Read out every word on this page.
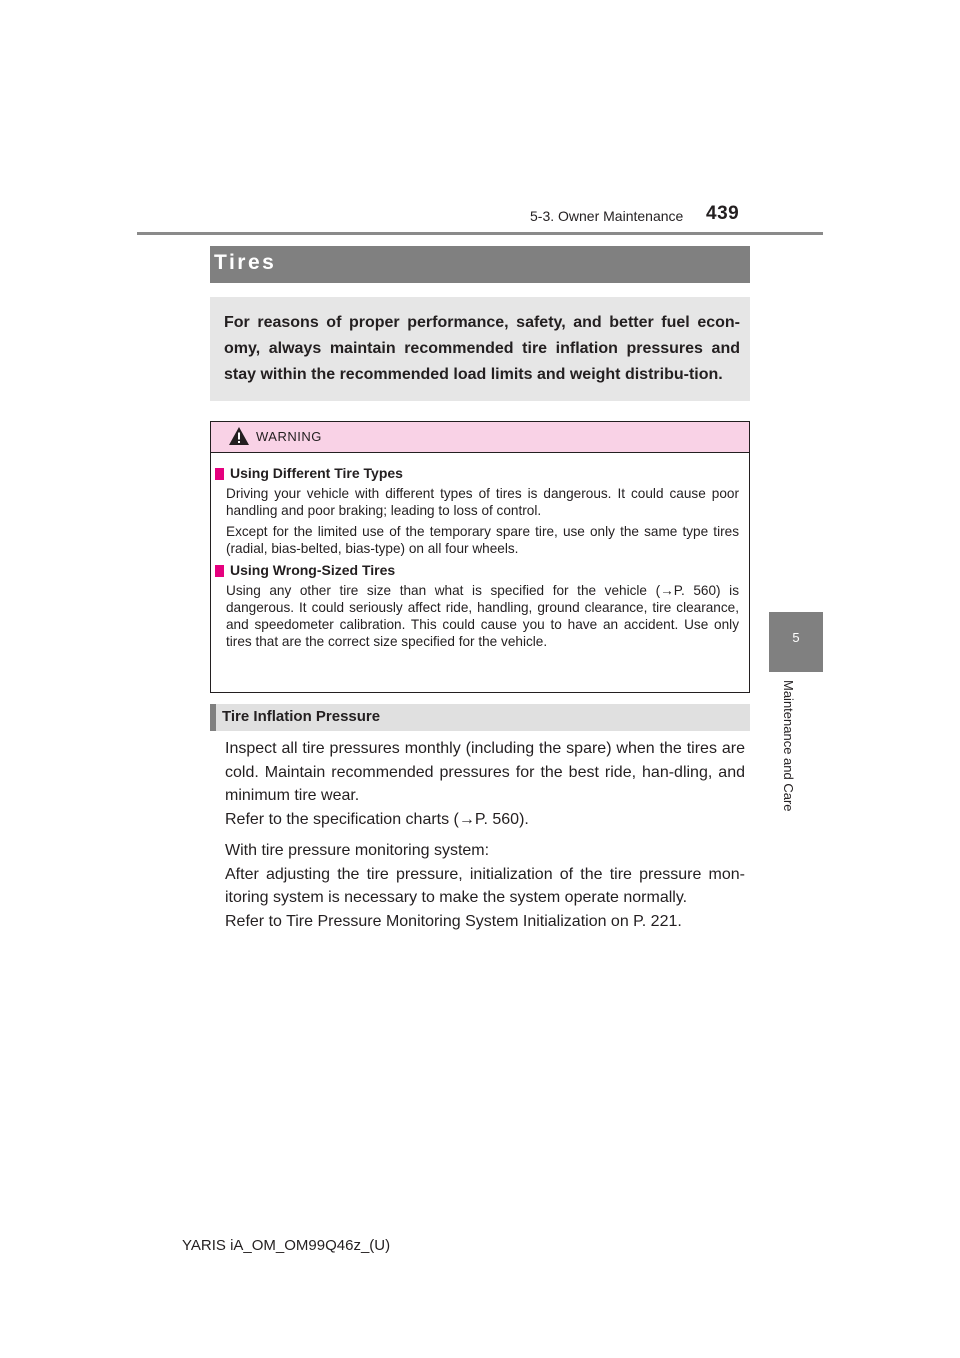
5-3. Owner Maintenance 439
5
Maintenance and Care
Tires
For reasons of proper performance, safety, and better fuel econ-omy, always maintain recommended tire inflation pressures and stay within the recommended load limits and weight distribu-tion.
WARNING
Using Different Tire Types
Driving your vehicle with different types of tires is dangerous. It could cause poor handling and poor braking; leading to loss of control.
Except for the limited use of the temporary spare tire, use only the same type tires (radial, bias-belted, bias-type) on all four wheels.
Using Wrong-Sized Tires
Using any other tire size than what is specified for the vehicle (→P. 560) is dangerous. It could seriously affect ride, handling, ground clearance, tire clearance, and speedometer calibration. This could cause you to have an accident. Use only tires that are the correct size specified for the vehicle.
Tire Inflation Pressure
Inspect all tire pressures monthly (including the spare) when the tires are cold. Maintain recommended pressures for the best ride, han-dling, and minimum tire wear.
Refer to the specification charts (→P. 560).
With tire pressure monitoring system:
After adjusting the tire pressure, initialization of the tire pressure mon-itoring system is necessary to make the system operate normally.
Refer to Tire Pressure Monitoring System Initialization on P. 221.
YARIS iA_OM_OM99Q46z_(U)
